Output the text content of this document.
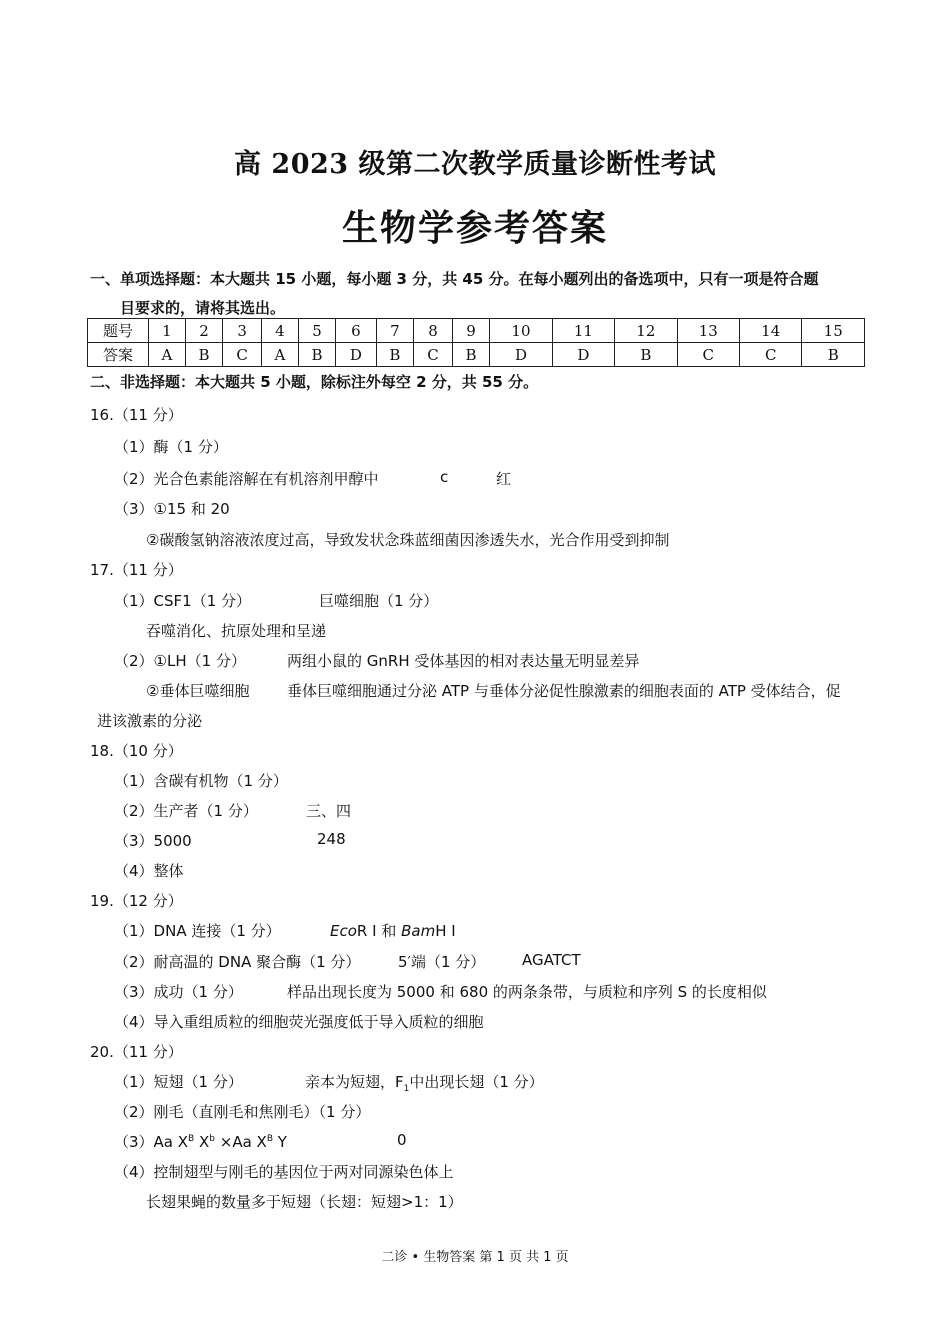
高 2023 级第二次教学质量诊断性考试
生物学参考答案
一、单项选择题：本大题共 15 小题，每小题 3 分，共 45 分。在每小题列出的备选项中，只有一项是符合题
目要求的，请将其选出。
题号	1	2	3	4	5	6	7	8	9	10	11	12	13	14	15
答案	A	B	C	A	B	D	B	C	B	D	D	B	C	C	B
二、非选择题：本大题共 5 小题，除标注外每空 2 分，共 55 分。
16.（11 分）
（1）酶（1 分）
（2）光合色素能溶解在有机溶剂甲醇中	c	红
（3）①15 和 20
②碳酸氢钠溶液浓度过高，导致发状念珠蓝细菌因渗透失水，光合作用受到抑制
17.（11 分）
（1）CSF1（1 分）	巨噬细胞（1 分）
吞噬消化、抗原处理和呈递
（2）①LH（1 分）	两组小鼠的 GnRH 受体基因的相对表达量无明显差异
②垂体巨噬细胞	垂体巨噬细胞通过分泌 ATP 与垂体分泌促性腺激素的细胞表面的 ATP 受体结合，促
进该激素的分泌
18.（10 分）
（1）含碳有机物（1 分）
（2）生产者（1 分）	三、四
（3）5000	248
（4）整体
19.（12 分）
（1）DNA 连接（1 分）	EcoR I 和 BamH I
（2）耐高温的 DNA 聚合酶（1 分）	5′端（1 分） AGATCT
（3）成功（1 分）	样品出现长度为 5000 和 680 的两条条带，与质粒和序列 S 的长度相似
（4）导入重组质粒的细胞荧光强度低于导入质粒的细胞
20.（11 分）
（1）短翅（1 分）	亲本为短翅，$F_1$中出现长翅（1 分）
（2）刚毛（直刚毛和焦刚毛）（1 分）
（3）Aa $X^B$ $X^b \times Aa$ $X^B$ Y	0
（4）控制翅型与刚毛的基因位于两对同源染色体上
长翅果蝇的数量多于短翅（长翅：短翅>1：1）
二诊 • 生物答案 第 1 页 共 1 页
